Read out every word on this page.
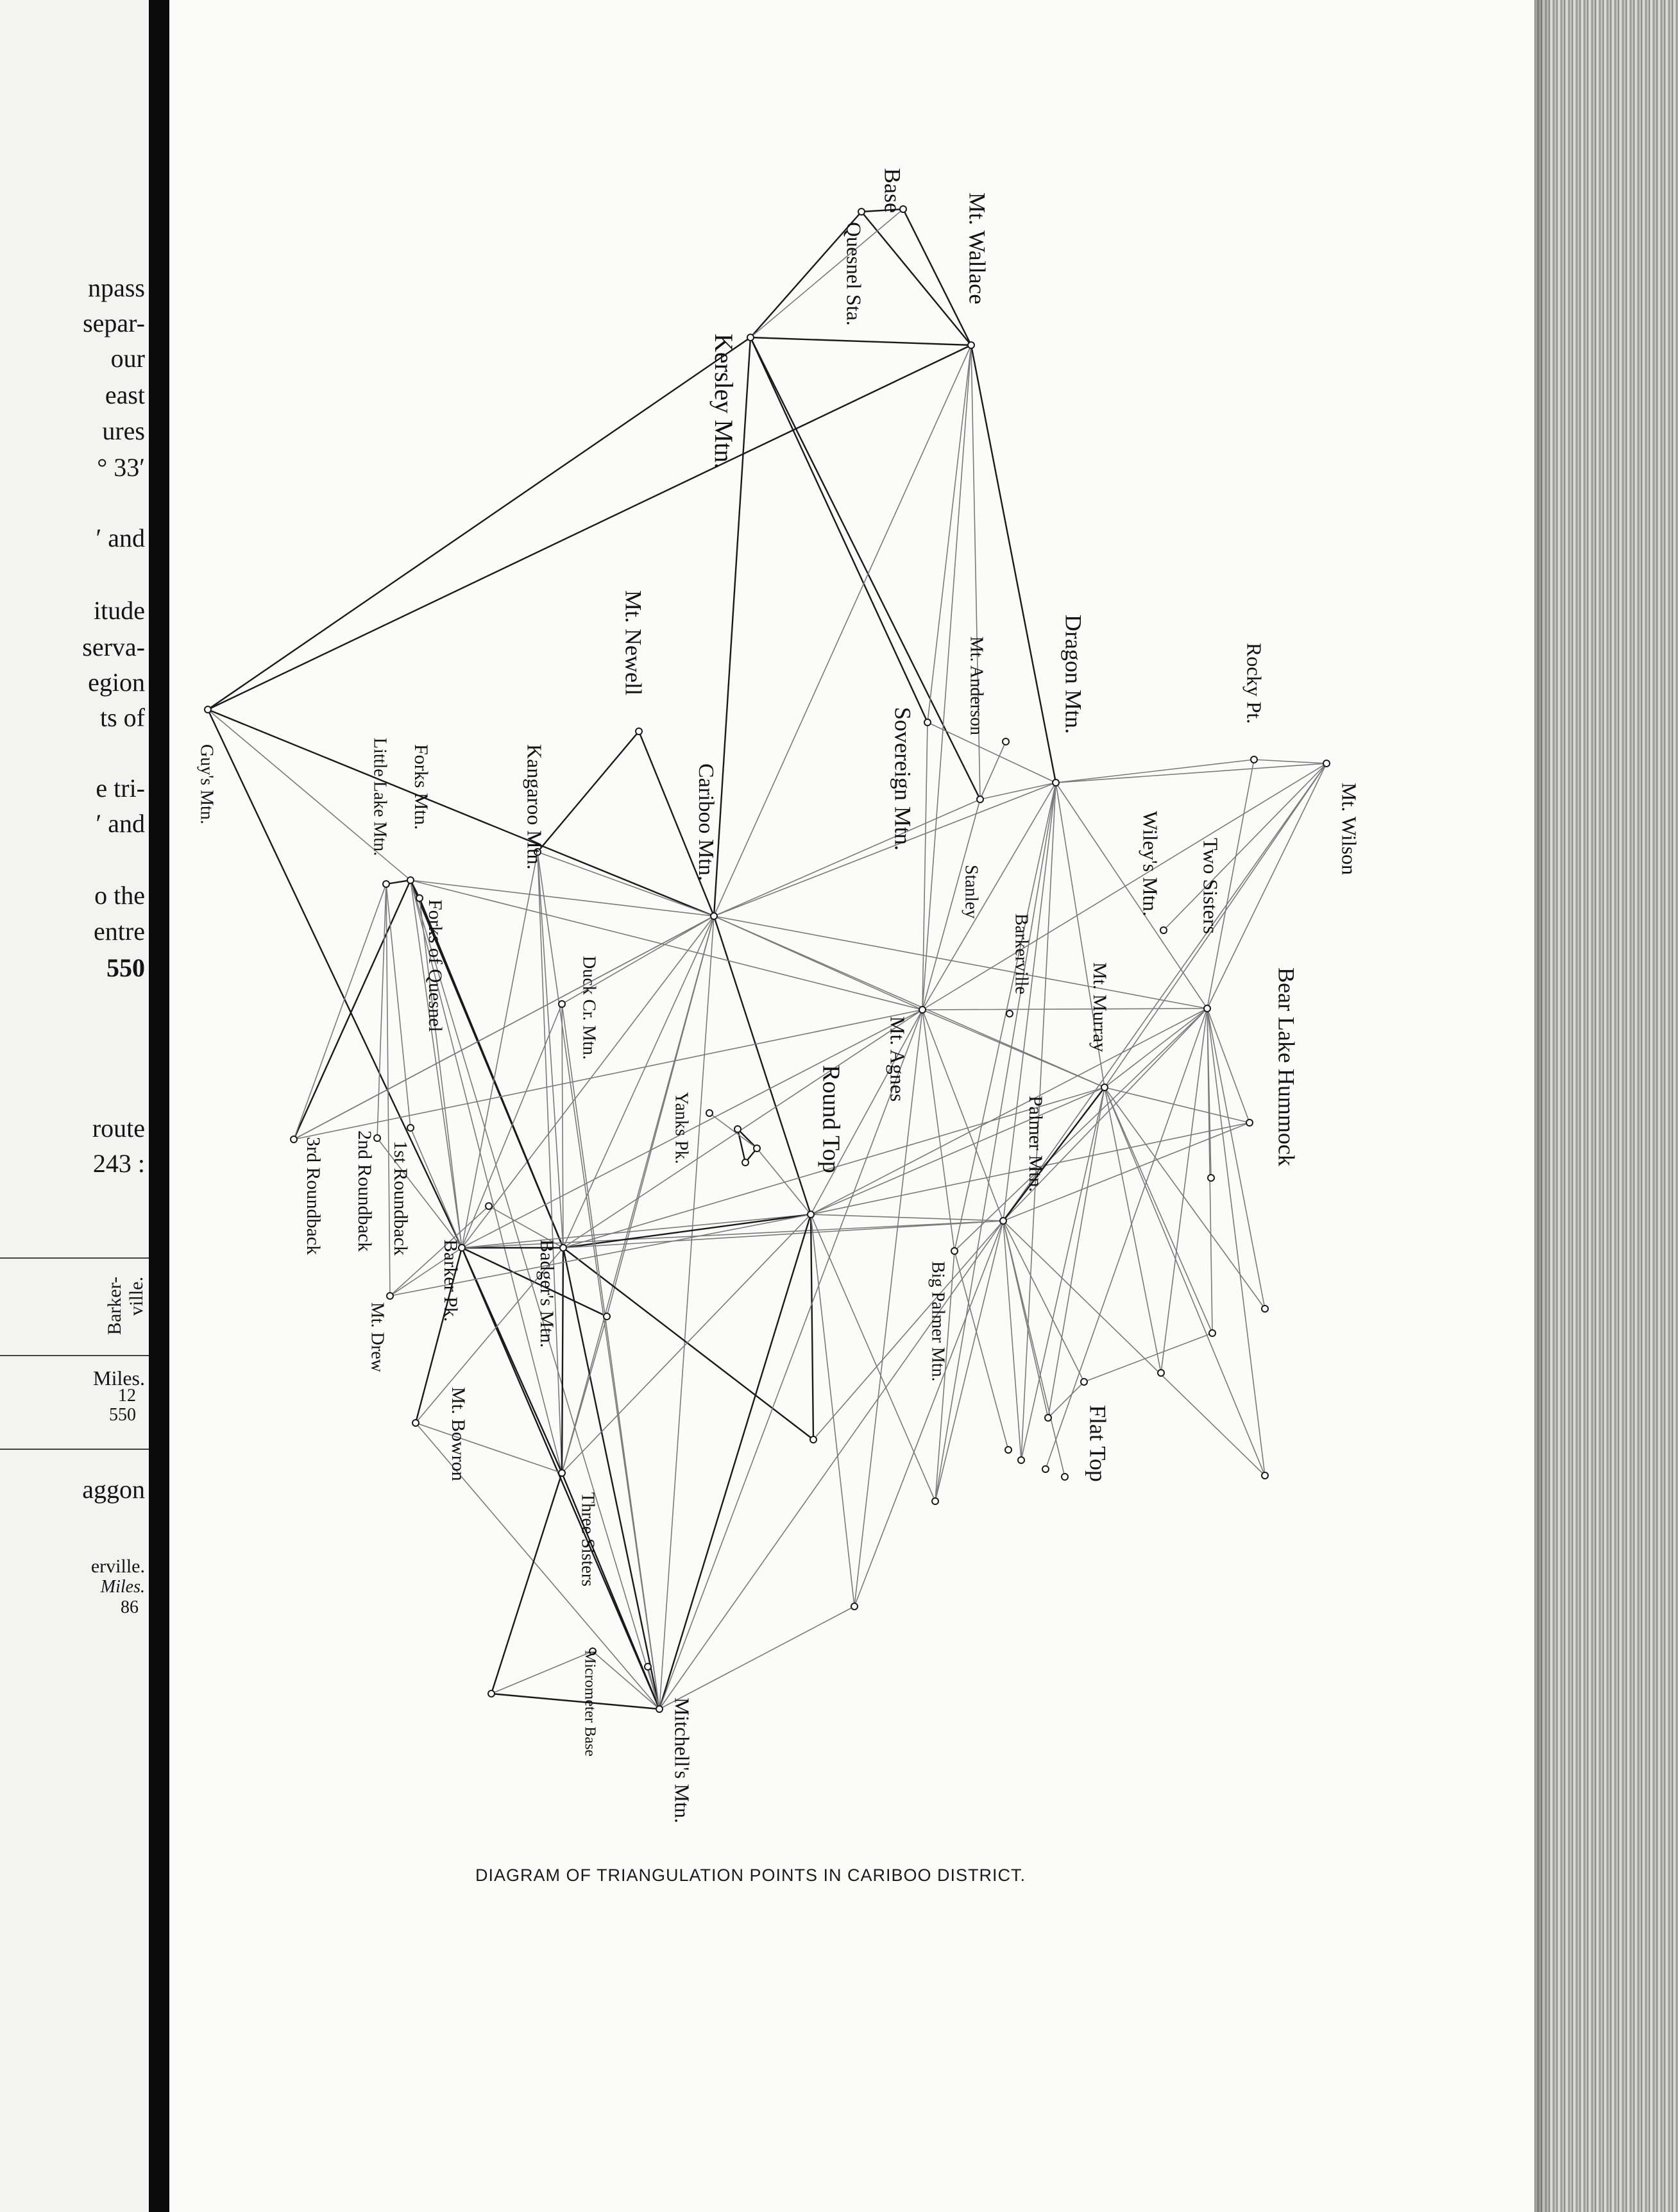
npass

separ-

our

east

ures

° 33′

′ and

itude

serva-

egion

ts of

e tri-

′ and

o the

entre

550

route

243 :

Barker- ville.

Miles.

12

550

aggon

erville.

Miles.

86

Base
Quesnel Sta.	Mt. Wallace
Kersley Mtn.
Guy's Mtn.
Mt. Newell
Cariboo Mtn.
Kangaroo Mtn.
Forks Mtn.
Little Lake Mtn.
Forks of Quesnel	Duck Cr. Mtn.
3rd Roundback 2nd Roundback 1st Roundback
Mt. Drew
Barker Pk.	Badger's Mtn.
Mt. Bowron
Three Sisters
Micrometer Base	Mitchell's Mtn.
Yanks Pk.	Round Top
Mt. Agnes
Sovereign Mtn.
Mt. Anderson
Stanley
Barkerville
Dragon Mtn.	Rocky Pt.
Mt. Wilson
Two Sisters
Wiley's Mtn.
Mt. Murray	Bear Lake Hummock
Palmer Mtn.
Big Palmer Mtn.
Flat Top

DIAGRAM OF TRIANGULATION POINTS IN CARIBOO DISTRICT.
